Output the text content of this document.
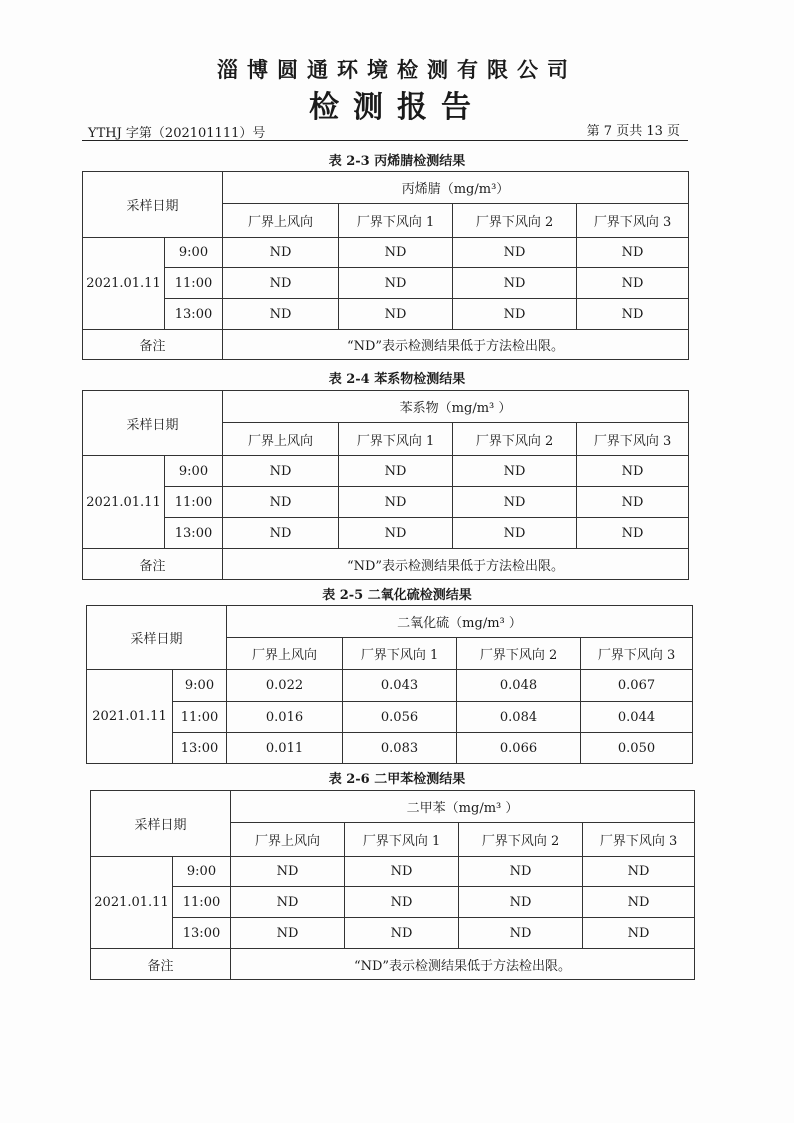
淄博圆通环境检测有限公司
检测报告
YTHJ 字第（202101111）号	第 7 页共 13 页
表 2-3 丙烯腈检测结果
采样日期		丙烯腈（mg/m³）			
		厂界上风向	厂界下风向 1	厂界下风向 2	厂界下风向 3
2021.01.11	9:00	ND	ND	ND	ND
	11:00	ND	ND	ND	ND
	13:00	ND	ND	ND	ND
备注		“ND”表示检测结果低于方法检出限。			
表 2-4 苯系物检测结果
采样日期		苯系物（mg/m³ ）			
		厂界上风向	厂界下风向 1	厂界下风向 2	厂界下风向 3
2021.01.11	9:00	ND	ND	ND	ND
	11:00	ND	ND	ND	ND
	13:00	ND	ND	ND	ND
备注		“ND”表示检测结果低于方法检出限。			
表 2-5 二氧化硫检测结果
采样日期		二氧化硫（mg/m³ ）			
		厂界上风向	厂界下风向 1	厂界下风向 2	厂界下风向 3
2021.01.11	9:00	0.022	0.043	0.048	0.067
	11:00	0.016	0.056	0.084	0.044
	13:00	0.011	0.083	0.066	0.050
表 2-6 二甲苯检测结果
采样日期		二甲苯（mg/m³ ）			
		厂界上风向	厂界下风向 1	厂界下风向 2	厂界下风向 3
2021.01.11	9:00	ND	ND	ND	ND
	11:00	ND	ND	ND	ND
	13:00	ND	ND	ND	ND
备注		“ND”表示检测结果低于方法检出限。			
